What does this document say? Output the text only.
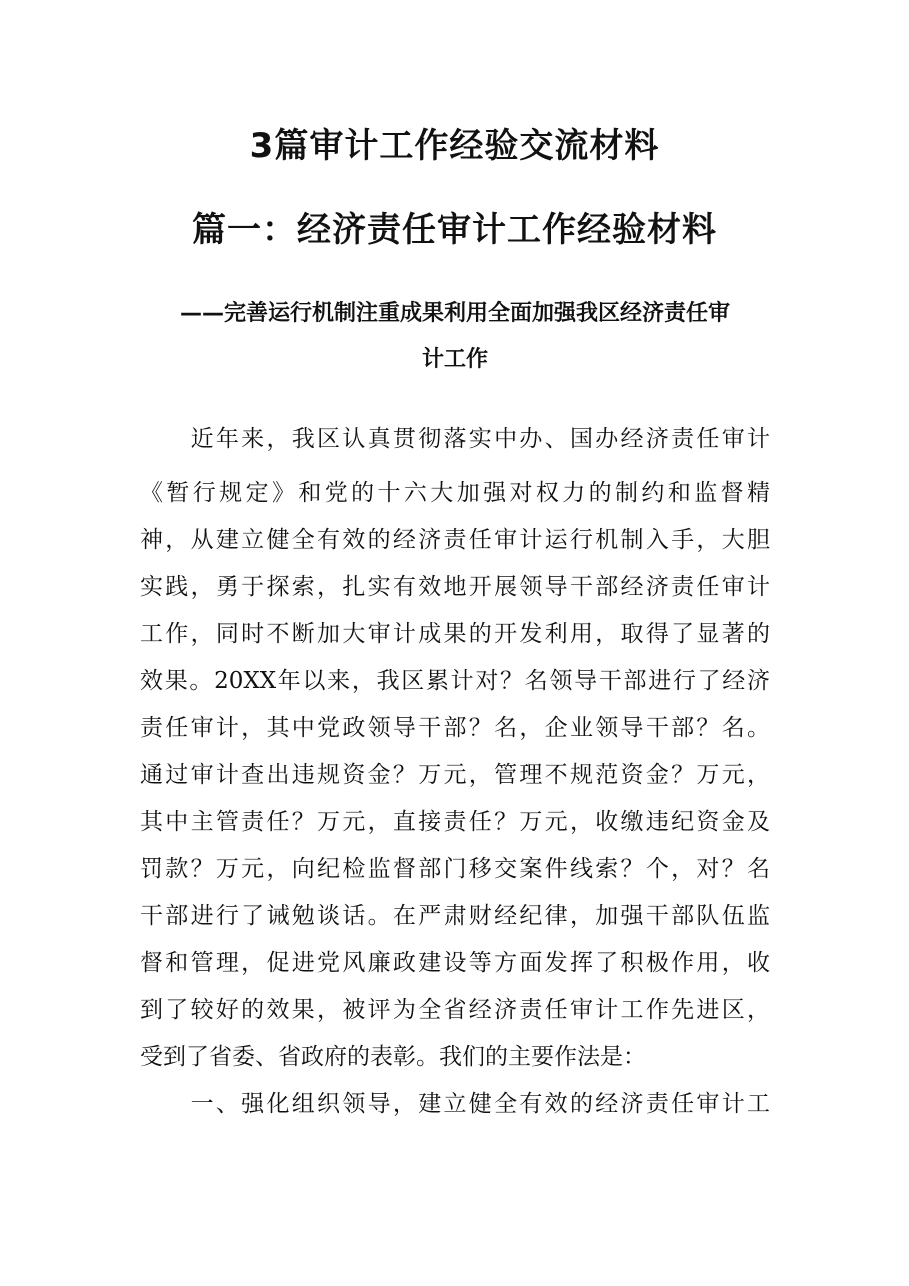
3篇审计工作经验交流材料
篇一：经济责任审计工作经验材料
——完善运行机制注重成果利用全面加强我区经济责任审
计工作
　　近年来，我区认真贯彻落实中办、国办经济责任审计
《暂行规定》和党的十六大加强对权力的制约和监督精
神，从建立健全有效的经济责任审计运行机制入手，大胆
实践，勇于探索，扎实有效地开展领导干部经济责任审计
工作，同时不断加大审计成果的开发利用，取得了显著的
效果。20XX年以来，我区累计对？名领导干部进行了经济
责任审计，其中党政领导干部？名，企业领导干部？名。
通过审计查出违规资金？万元，管理不规范资金？万元，
其中主管责任？万元，直接责任？万元，收缴违纪资金及
罚款？万元，向纪检监督部门移交案件线索？个，对？名
干部进行了诫勉谈话。在严肃财经纪律，加强干部队伍监
督和管理，促进党风廉政建设等方面发挥了积极作用，收
到了较好的效果，被评为全省经济责任审计工作先进区，
受到了省委、省政府的表彰。我们的主要作法是：
　　一、强化组织领导，建立健全有效的经济责任审计工
